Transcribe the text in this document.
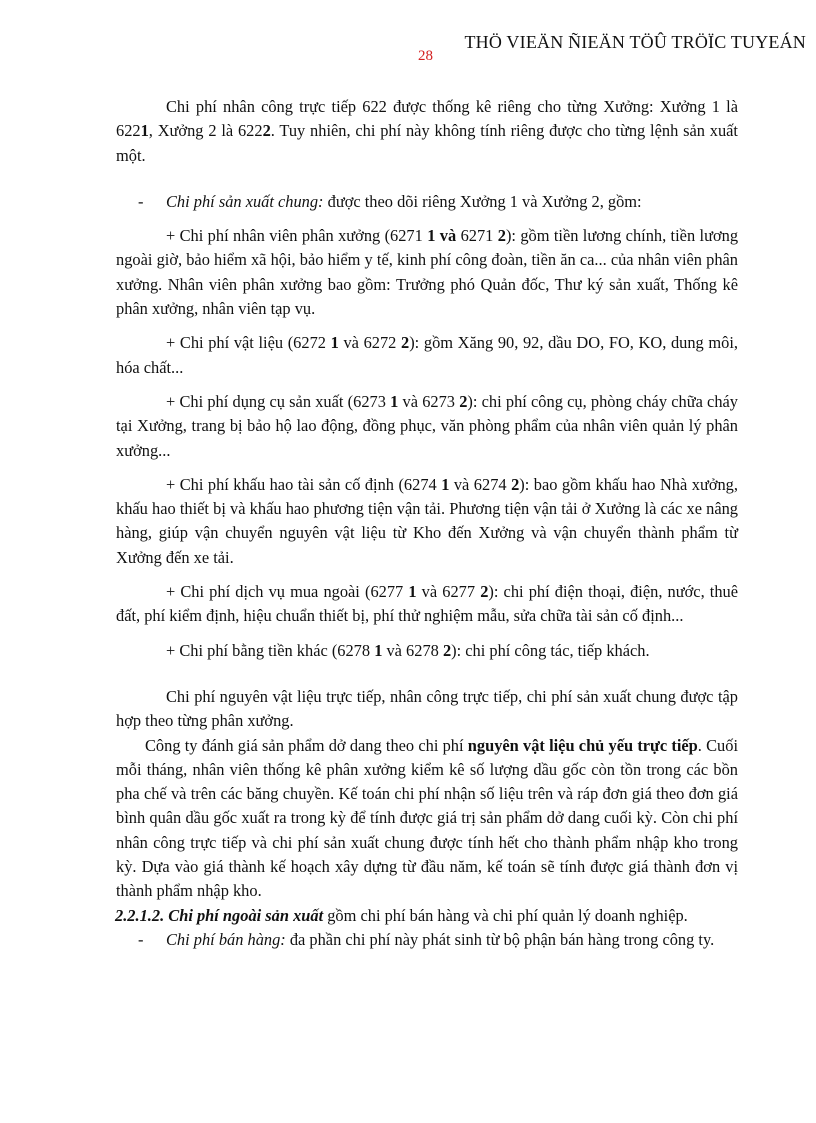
THÖ VIEÄN ÑIEÄN TÖÛ TRÖÏC TUYEÁN
28

Chi phí nhân công trực tiếp 622 được thống kê riêng cho từng Xưởng: Xưởng 1 là 6221, Xưởng 2 là 6222. Tuy nhiên, chi phí này không tính riêng được cho từng lệnh sản xuất một.

-	Chi phí sản xuất chung: được theo dõi riêng Xưởng 1 và Xưởng 2, gồm:

+ Chi phí nhân viên phân xưởng (6271 1 và 6271 2): gồm tiền lương chính, tiền lương ngoài giờ, bảo hiểm xã hội, bảo hiểm y tế, kinh phí công đoàn, tiền ăn ca... của nhân viên phân xưởng. Nhân viên phân xưởng bao gồm: Trưởng phó Quản đốc, Thư ký sản xuất, Thống kê phân xưởng, nhân viên tạp vụ.

+ Chi phí vật liệu (6272 1 và 6272 2): gồm Xăng 90, 92, dầu DO, FO, KO, dung môi, hóa chất...

+ Chi phí dụng cụ sản xuất (6273 1 và 6273 2): chi phí công cụ, phòng cháy chữa cháy tại Xưởng, trang bị bảo hộ lao động, đồng phục, văn phòng phẩm của nhân viên quản lý phân xưởng...

+ Chi phí khấu hao tài sản cố định (6274 1 và 6274 2): bao gồm khấu hao Nhà xưởng, khấu hao thiết bị và khấu hao phương tiện vận tải. Phương tiện vận tải ở Xưởng là các xe nâng hàng, giúp vận chuyển nguyên vật liệu từ Kho đến Xưởng và vận chuyển thành phẩm từ Xưởng đến xe tải.

+ Chi phí dịch vụ mua ngoài (6277 1 và 6277 2): chi phí điện thoại, điện, nước, thuê đất, phí kiểm định, hiệu chuẩn thiết bị, phí thử nghiệm mẫu, sửa chữa tài sản cố định...

+ Chi phí bằng tiền khác (6278 1 và 6278 2): chi phí công tác, tiếp khách.

Chi phí nguyên vật liệu trực tiếp, nhân công trực tiếp, chi phí sản xuất chung được tập hợp theo từng phân xưởng.

Công ty đánh giá sản phẩm dở dang theo chi phí nguyên vật liệu chủ yếu trực tiếp. Cuối mỗi tháng, nhân viên thống kê phân xưởng kiểm kê số lượng dầu gốc còn tồn trong các bồn pha chế và trên các băng chuyền. Kế toán chi phí nhận số liệu trên và ráp đơn giá theo đơn giá bình quân dầu gốc xuất ra trong kỳ để tính được giá trị sản phẩm dở dang cuối kỳ. Còn chi phí nhân công trực tiếp và chi phí sản xuất chung được tính hết cho thành phẩm nhập kho trong kỳ. Dựa vào giá thành kế hoạch xây dựng từ đầu năm, kế toán sẽ tính được giá thành đơn vị thành phẩm nhập kho.

2.2.1.2. Chi phí ngoài sản xuất gồm chi phí bán hàng và chi phí quản lý doanh nghiệp.

-	Chi phí bán hàng: đa phần chi phí này phát sinh từ bộ phận bán hàng trong công ty.
